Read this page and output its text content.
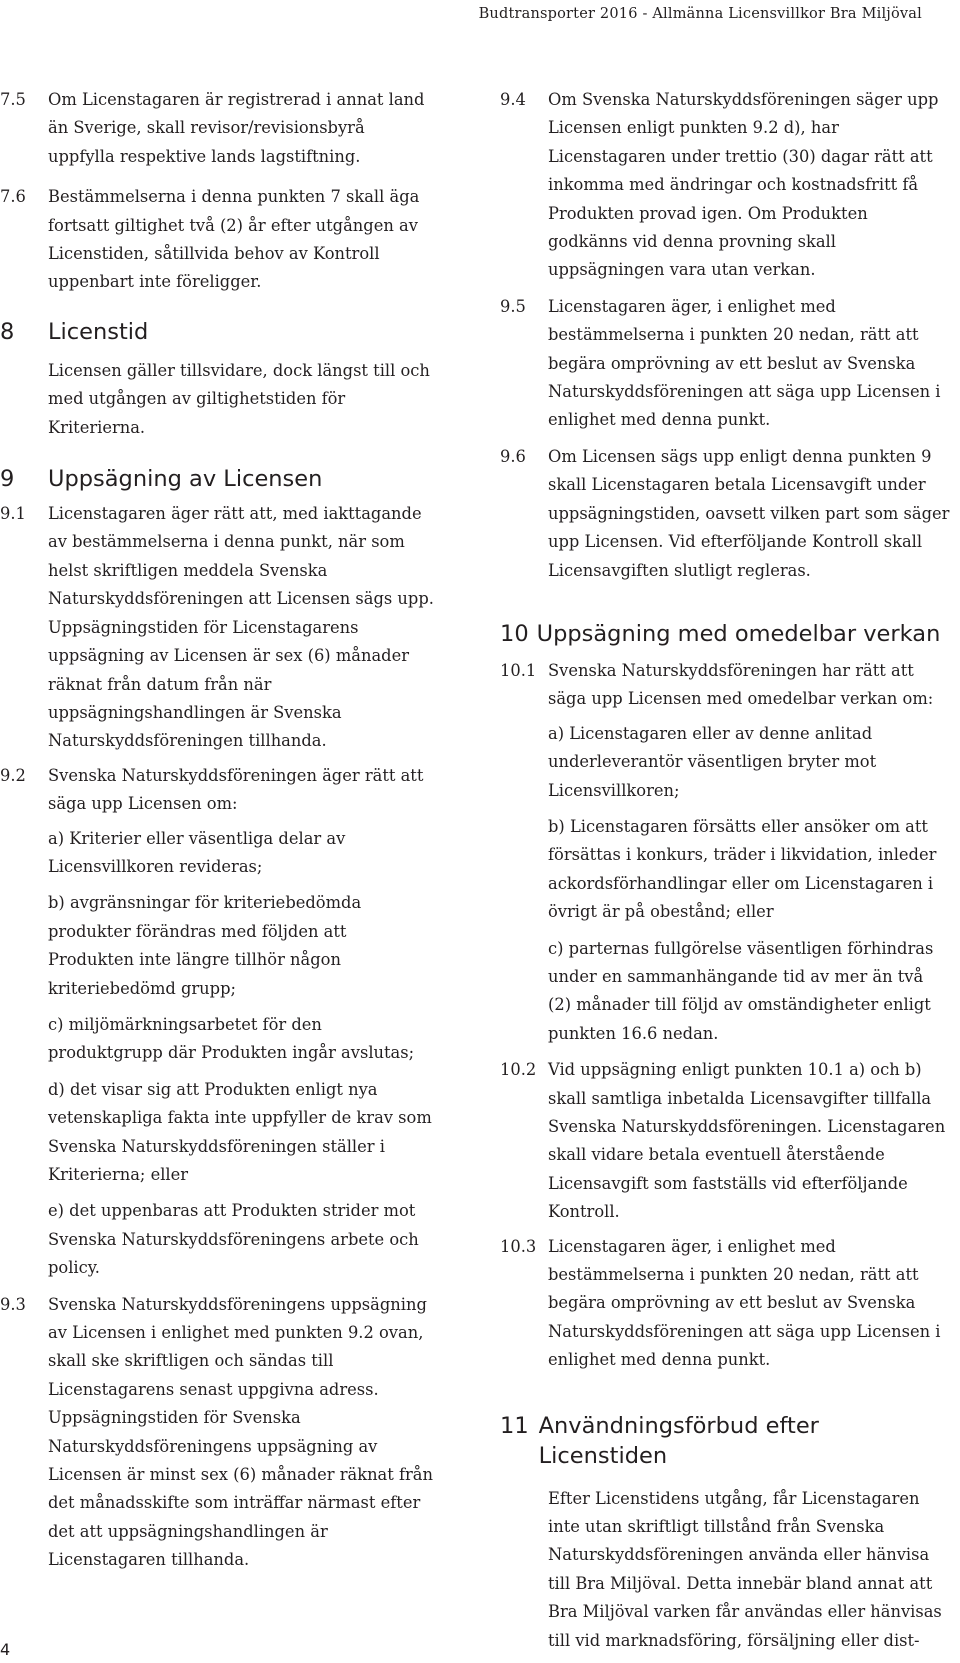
Budtransporter 2016 - Allmänna Licensvillkor Bra Miljöval
7.5	Om Licenstagaren är registrerad i annat land än Sverige, skall revisor/revisionsbyrå uppfylla respektive lands lagstiftning.
7.6	Bestämmelserna i denna punkten 7 skall äga fortsatt giltighet två (2) år efter utgången av Licenstiden, såtillvida behov av Kontroll uppenbart inte föreligger.
8	Licenstid
Licensen gäller tillsvidare, dock längst till och med utgången av giltighetstiden för Kriterierna.
9	Uppsägning av Licensen
9.1	Licenstagaren äger rätt att, med iakttagande av bestämmelserna i denna punkt, när som helst skriftligen meddela Svenska Naturskyddsföreningen att Licensen sägs upp. Uppsägningstiden för Licenstagarens uppsägning av Licensen är sex (6) månader räknat från datum från när uppsägningshandlingen är Svenska Naturskyddsföreningen tillhanda.
9.2	Svenska Naturskyddsföreningen äger rätt att säga upp Licensen om:
a) Kriterier eller väsentliga delar av Licensvillkoren revideras;
b) avgränsningar för kriteriebedömda produkter förändras med följden att Produkten inte längre tillhör någon kriteriebedömd grupp;
c) miljömärkningsarbetet för den produktgrupp där Produkten ingår avslutas;
d) det visar sig att Produkten enligt nya vetenskapliga fakta inte uppfyller de krav som Svenska Naturskyddsföreningen ställer i Kriterierna; eller
e) det uppenbaras att Produkten strider mot Svenska Naturskyddsföreningens arbete och policy.
9.3	Svenska Naturskyddsföreningens uppsägning av Licensen i enlighet med punkten 9.2 ovan, skall ske skriftligen och sändas till Licenstagarens senast uppgivna adress. Uppsägningstiden för Svenska Naturskyddsföreningens uppsägning av Licensen är minst sex (6) månader räknat från det månadsskifte som inträffar närmast efter det att uppsägningshandlingen är Licenstagaren tillhanda.
9.4	Om Svenska Naturskyddsföreningen säger upp Licensen enligt punkten 9.2 d), har Licenstagaren under trettio (30) dagar rätt att inkomma med ändringar och kostnadsfritt få Produkten provad igen. Om Produkten godkänns vid denna provning skall uppsägningen vara utan verkan.
9.5	Licenstagaren äger, i enlighet med bestämmelserna i punkten 20 nedan, rätt att begära omprövning av ett beslut av Svenska Naturskyddsföreningen att säga upp Licensen i enlighet med denna punkt.
9.6	Om Licensen sägs upp enligt denna punkten 9 skall Licenstagaren betala Licensavgift under uppsägningstiden, oavsett vilken part som säger upp Licensen. Vid efterföljande Kontroll skall Licensavgiften slutligt regleras.
10 Uppsägning med omedelbar verkan
10.1 Svenska Naturskyddsföreningen har rätt att säga upp Licensen med omedelbar verkan om:
a) Licenstagaren eller av denne anlitad underleverantör väsentligen bryter mot Licensvillkoren;
b) Licenstagaren försätts eller ansöker om att försättas i konkurs, träder i likvidation, inleder ackordsförhandlingar eller om Licenstagaren i övrigt är på obestånd; eller
c) parternas fullgörelse väsentligen förhindras under en sammanhängande tid av mer än två (2) månader till följd av omständigheter enligt punkten 16.6 nedan.
10.2 Vid uppsägning enligt punkten 10.1 a) och b) skall samtliga inbetalda Licensavgifter tillfalla Svenska Naturskyddsföreningen. Licenstagaren skall vidare betala eventuell återstående Licensavgift som fastställs vid efterföljande Kontroll.
10.3 Licenstagaren äger, i enlighet med bestämmelserna i punkten 20 nedan, rätt att begära omprövning av ett beslut av Svenska Naturskyddsföreningen att säga upp Licensen i enlighet med denna punkt.
11 Användningsförbud efter Licenstiden
Efter Licenstidens utgång, får Licenstagaren inte utan skriftligt tillstånd från Svenska Naturskyddsföreningen använda eller hänvisa till Bra Miljöval. Detta innebär bland annat att Bra Miljöval varken får användas eller hänvisas till vid marknadsföring, försäljning eller dist-
4
